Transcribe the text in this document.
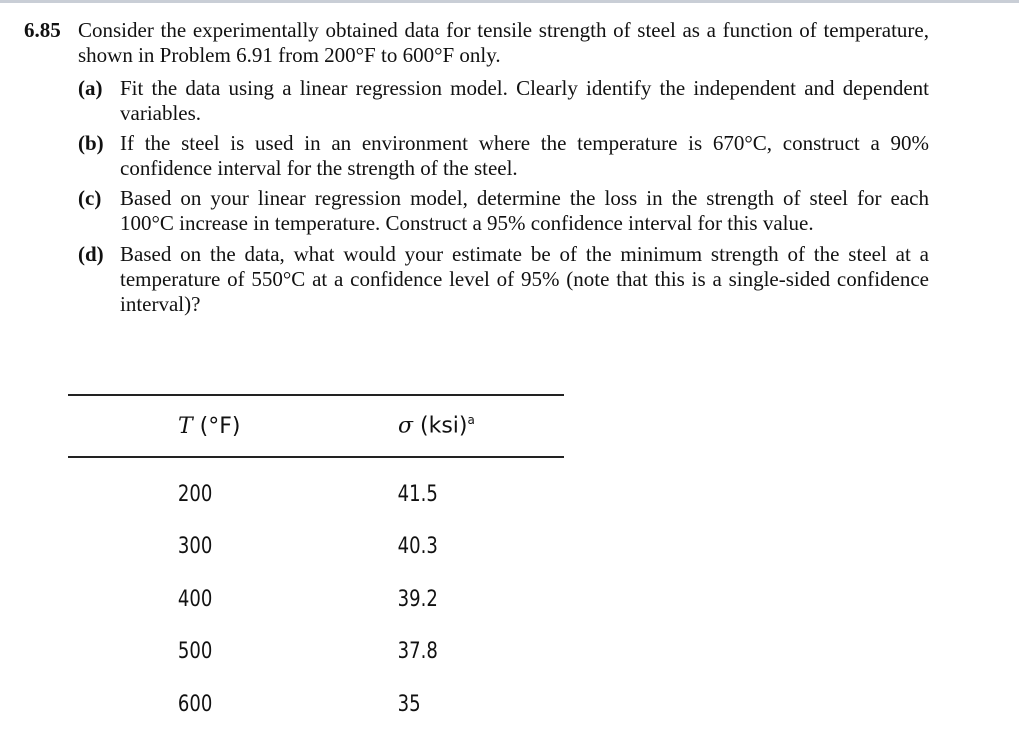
6.85 Consider the experimentally obtained data for tensile strength of steel as a function of temperature, shown in Problem 6.91 from 200°F to 600°F only.
(a) Fit the data using a linear regression model. Clearly identify the independent and dependent variables.
(b) If the steel is used in an environment where the temperature is 670°C, construct a 90% confidence interval for the strength of the steel.
(c) Based on your linear regression model, determine the loss in the strength of steel for each 100°C increase in temperature. Construct a 95% confidence interval for this value.
(d) Based on the data, what would your estimate be of the minimum strength of the steel at a temperature of 550°C at a confidence level of 95% (note that this is a single-sided confidence interval)?
T (°F)	σ (ksi)$^a$
200	41.5
300	40.3
400	39.2
500	37.8
600	35
